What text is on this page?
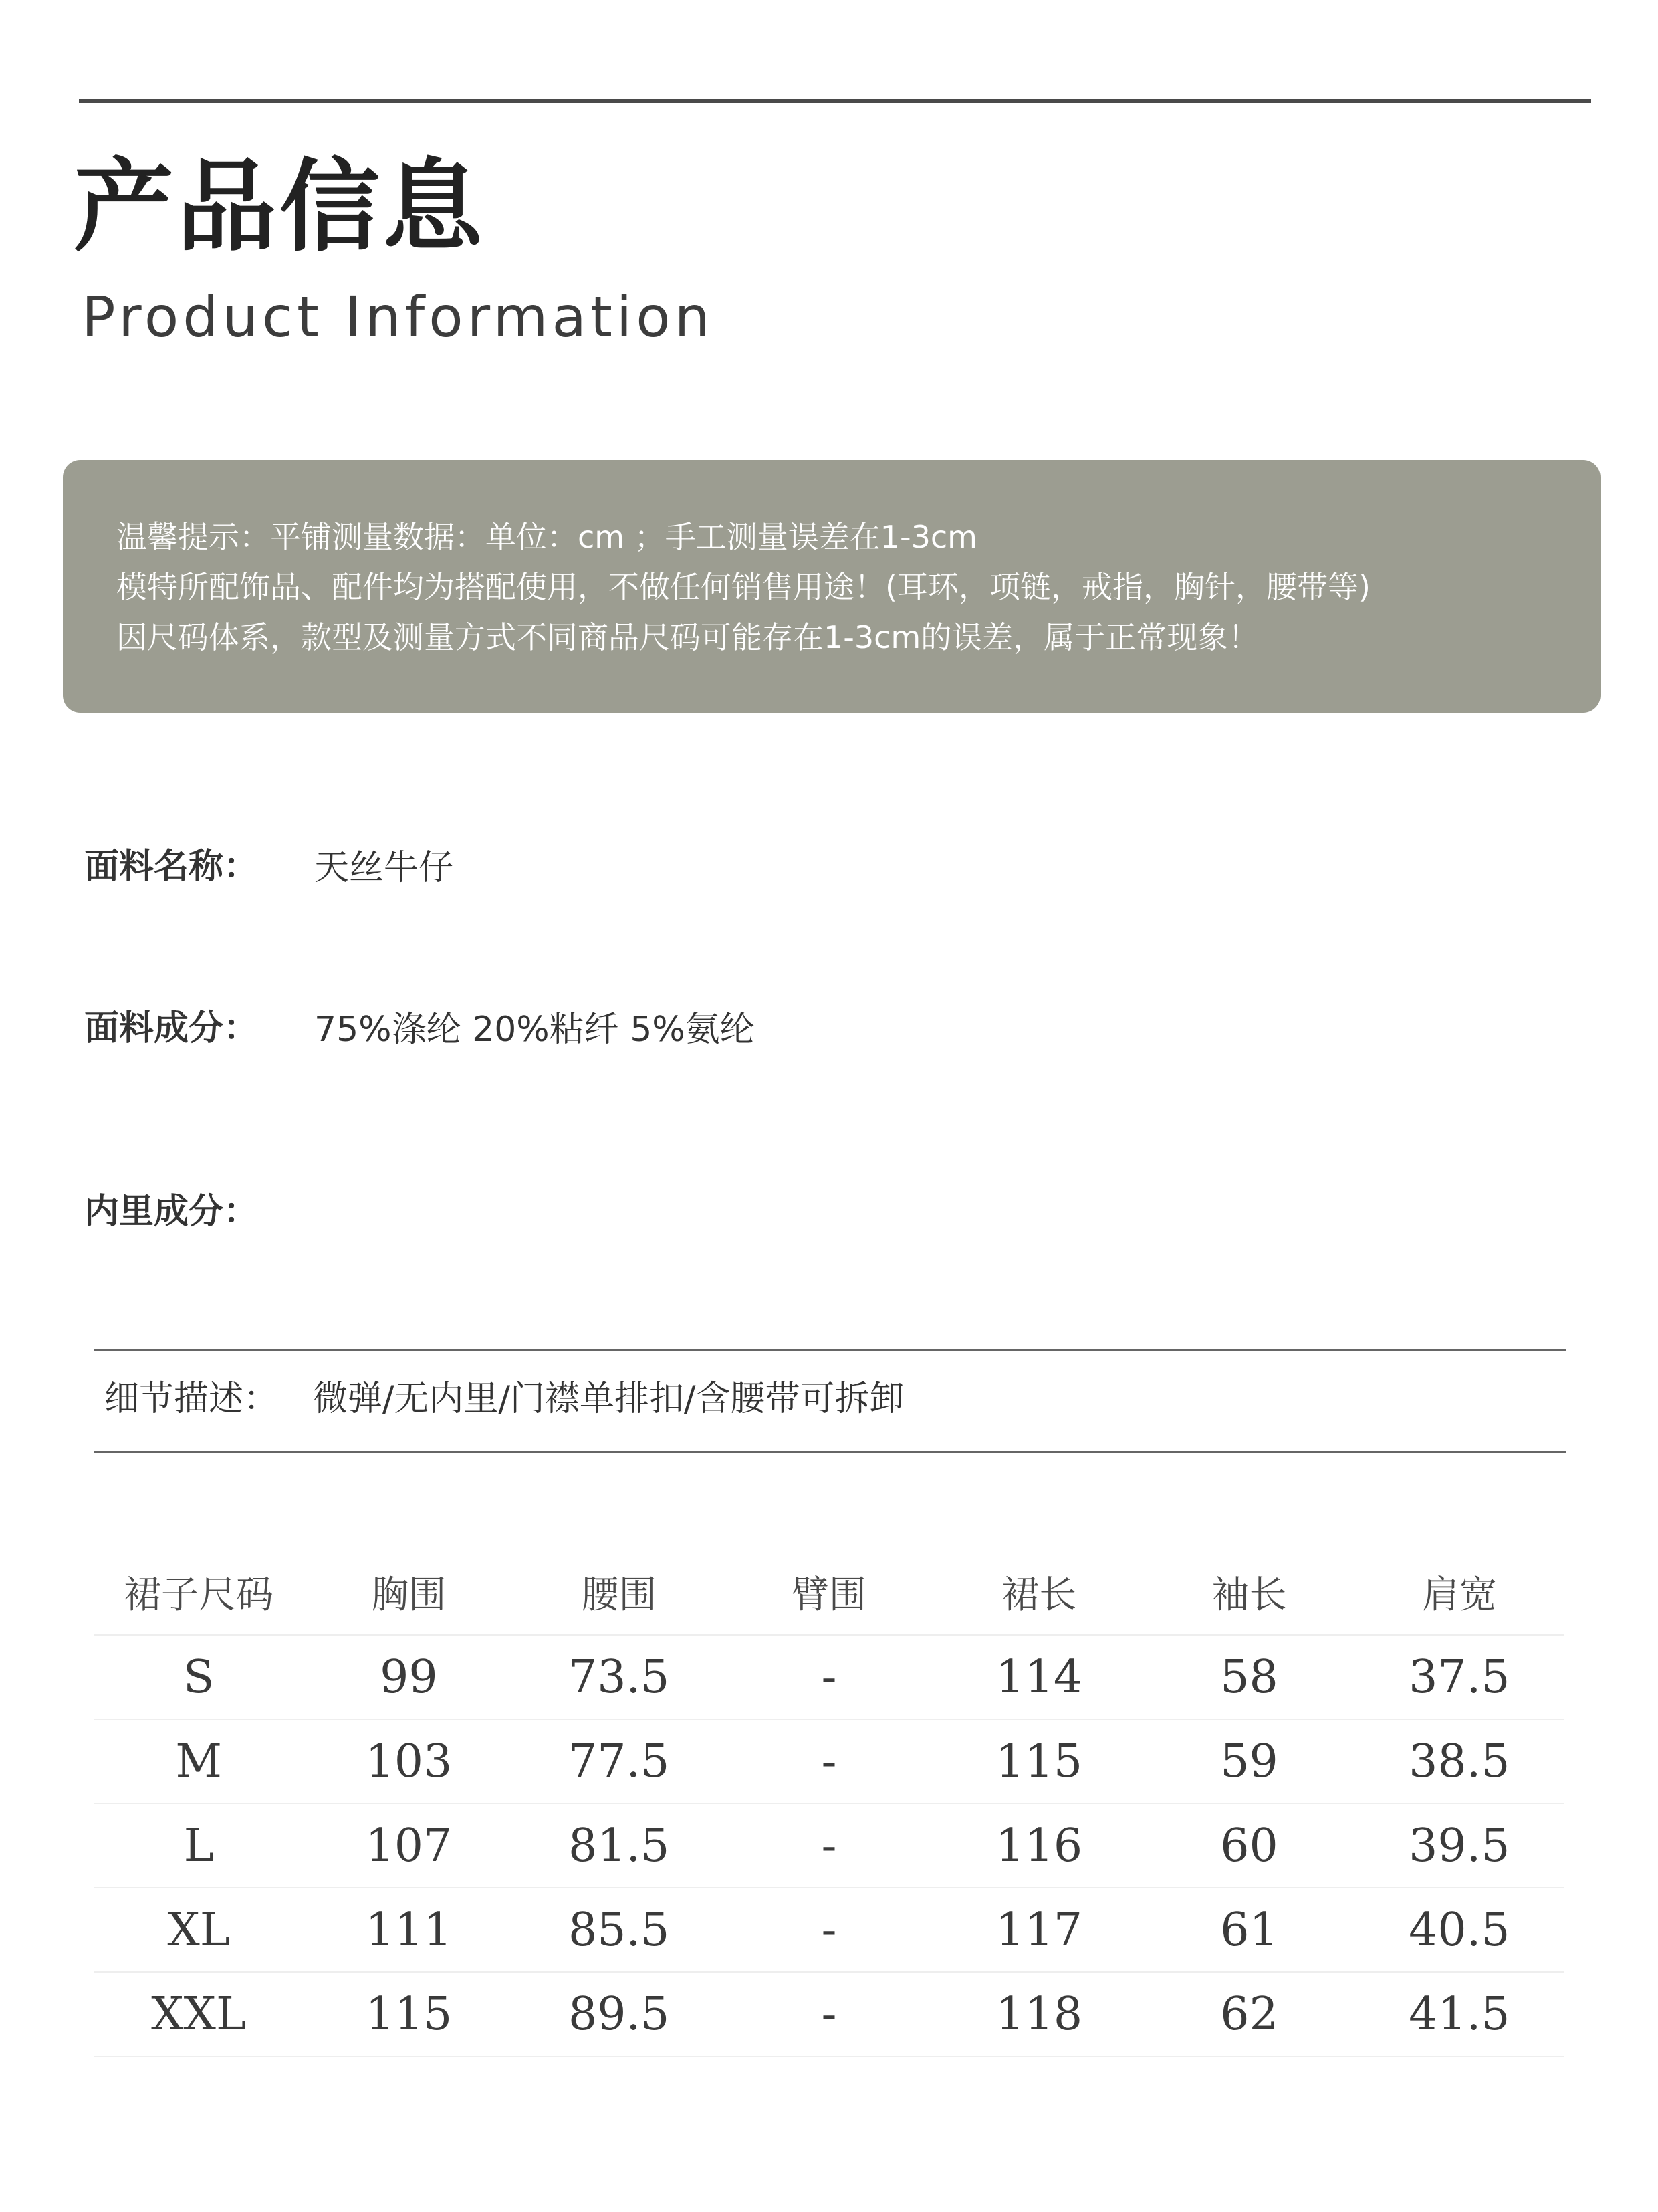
产品信息
Product Information
温馨提示：平铺测量数据：单位：cm ；手工测量误差在1-3cm
模特所配饰品、配件均为搭配使用，不做任何销售用途！(耳环，项链，戒指，胸针，腰带等)
因尺码体系，款型及测量方式不同商品尺码可能存在1-3cm的误差，属于正常现象！
面料名称： 天丝牛仔
面料成分： 75%涤纶 20%粘纤 5%氨纶
内里成分：
细节描述： 微弹/无内里/门襟单排扣/含腰带可拆卸
裙子尺码	胸围	腰围	臂围	裙长	袖长	肩宽
S	99	73.5	-	114	58	37.5
M	103	77.5	-	115	59	38.5
L	107	81.5	-	116	60	39.5
XL	111	85.5	-	117	61	40.5
XXL	115	89.5	-	118	62	41.5
